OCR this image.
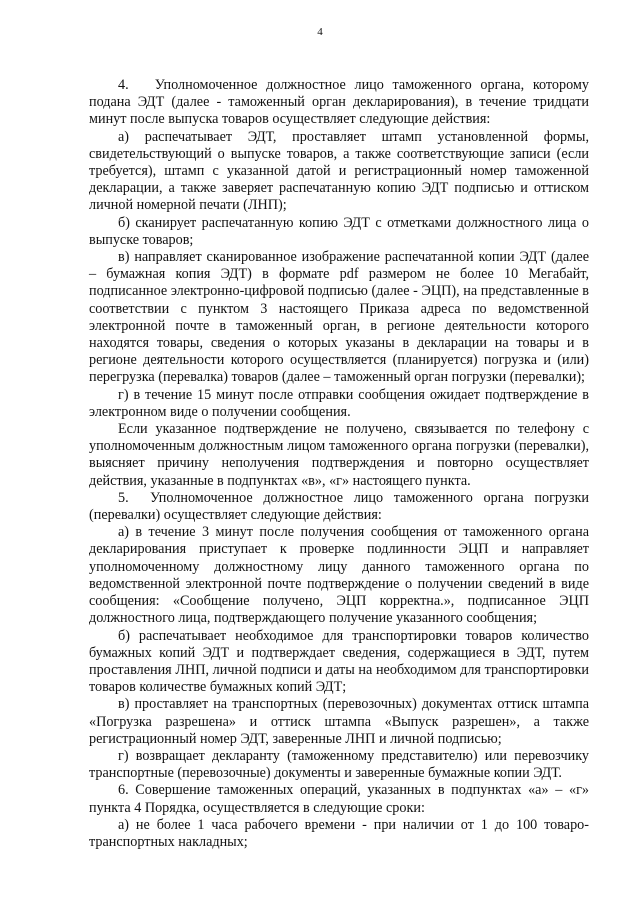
4

4.   Уполномоченное должностное лицо таможенного органа, которому подана ЭДТ (далее - таможенный орган декларирования), в течение тридцати минут после выпуска товаров осуществляет следующие действия:

а) распечатывает ЭДТ, проставляет штамп установленной формы, свидетельствующий о выпуске товаров, а также соответствующие записи (если требуется), штамп с указанной датой и регистрационный номер таможенной декларации, а также заверяет распечатанную копию ЭДТ подписью и оттиском личной номерной печати (ЛНП);

б) сканирует распечатанную копию ЭДТ с отметками должностного лица о выпуске товаров;

в) направляет сканированное изображение распечатанной копии ЭДТ (далее – бумажная копия ЭДТ) в формате pdf размером не более 10 Мегабайт, подписанное электронно-цифровой подписью (далее - ЭЦП), на представленные в соответствии с пунктом 3 настоящего Приказа адреса по ведомственной электронной почте в таможенный орган, в регионе деятельности которого находятся товары, сведения о которых указаны в декларации на товары и в регионе деятельности которого осуществляется (планируется) погрузка и (или) перегрузка (перевалка) товаров (далее – таможенный орган погрузки (перевалки);

г) в течение 15 минут после отправки сообщения ожидает подтверждение в электронном виде о получении сообщения.

Если указанное подтверждение не получено, связывается по телефону с уполномоченным должностным лицом таможенного органа погрузки (перевалки), выясняет причину неполучения подтверждения и повторно осуществляет действия, указанные в подпунктах «в», «г» настоящего пункта.

5.  Уполномоченное должностное лицо таможенного органа погрузки (перевалки) осуществляет следующие действия:

а) в течение 3 минут после получения сообщения от таможенного органа декларирования приступает к проверке подлинности ЭЦП и направляет уполномоченному должностному лицу данного таможенного органа по ведомственной электронной почте подтверждение о получении сведений в виде сообщения: «Сообщение получено, ЭЦП корректна.», подписанное ЭЦП должностного лица, подтверждающего получение указанного сообщения;

б) распечатывает необходимое для транспортировки товаров количество бумажных копий ЭДТ и подтверждает сведения, содержащиеся в ЭДТ, путем проставления ЛНП, личной подписи и даты на необходимом для транспортировки товаров количестве бумажных копий ЭДТ;

в) проставляет на транспортных (перевозочных) документах оттиск штампа «Погрузка разрешена» и оттиск штампа «Выпуск разрешен», а также регистрационный номер ЭДТ, заверенные ЛНП и личной подписью;

г) возвращает декларанту (таможенному представителю) или перевозчику транспортные (перевозочные) документы и заверенные бумажные копии ЭДТ.

6. Совершение таможенных операций, указанных в подпунктах «а» – «г» пункта 4 Порядка, осуществляется в следующие сроки:

а) не более 1 часа рабочего времени - при наличии от 1 до 100 товаро-транспортных накладных;
